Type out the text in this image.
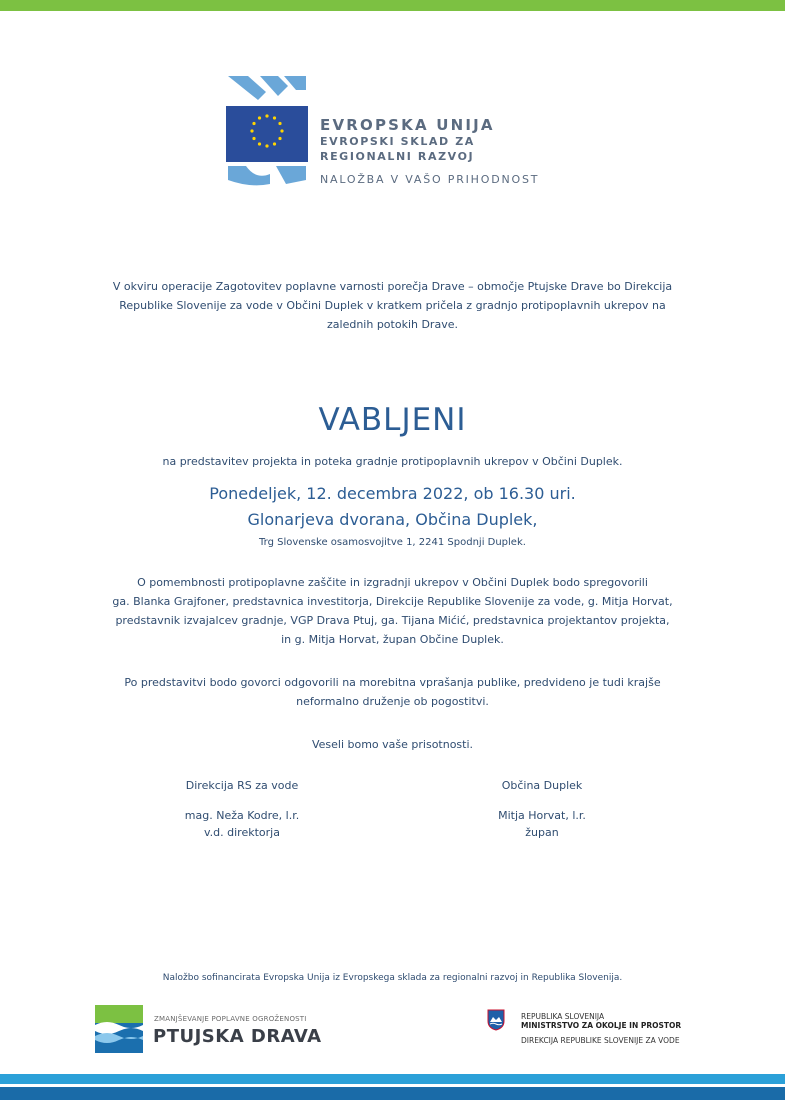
EVROPSKA UNIJA
EVROPSKI SKLAD ZA
REGIONALNI RAZVOJ
NALOŽBA V VAŠO PRIHODNOST
V okviru operacije Zagotovitev poplavne varnosti porečja Drave – območje Ptujske Drave bo Direkcija
Republike Slovenije za vode v Občini Duplek v kratkem pričela z gradnjo protipoplavnih ukrepov na
zalednih potokih Drave.
VABLJENI
na predstavitev projekta in poteka gradnje protipoplavnih ukrepov v Občini Duplek.
Ponedeljek, 12. decembra 2022, ob 16.30 uri.
Glonarjeva dvorana, Občina Duplek,
Trg Slovenske osamosvojitve 1, 2241 Spodnji Duplek.
O pomembnosti protipoplavne zaščite in izgradnji ukrepov v Občini Duplek bodo spregovorili
ga. Blanka Grajfoner, predstavnica investitorja, Direkcije Republike Slovenije za vode, g. Mitja Horvat,
predstavnik izvajalcev gradnje, VGP Drava Ptuj, ga. Tijana Mićić, predstavnica projektantov projekta,
in g. Mitja Horvat, župan Občine Duplek.
Po predstavitvi bodo govorci odgovorili na morebitna vprašanja publike, predvideno je tudi krajše
neformalno druženje ob pogostitvi.
Veseli bomo vaše prisotnosti.
Direkcija RS za vode
mag. Neža Kodre, l.r.
v.d. direktorja
Občina Duplek
Mitja Horvat, l.r.
župan
Naložbo sofinancirata Evropska Unija iz Evropskega sklada za regionalni razvoj in Republika Slovenija.
ZMANJŠEVANJE POPLAVNE OGROŽENOSTI
PTUJSKA DRAVA
REPUBLIKA SLOVENIJA
MINISTRSTVO ZA OKOLJE IN PROSTOR
DIREKCIJA REPUBLIKE SLOVENIJE ZA VODE
